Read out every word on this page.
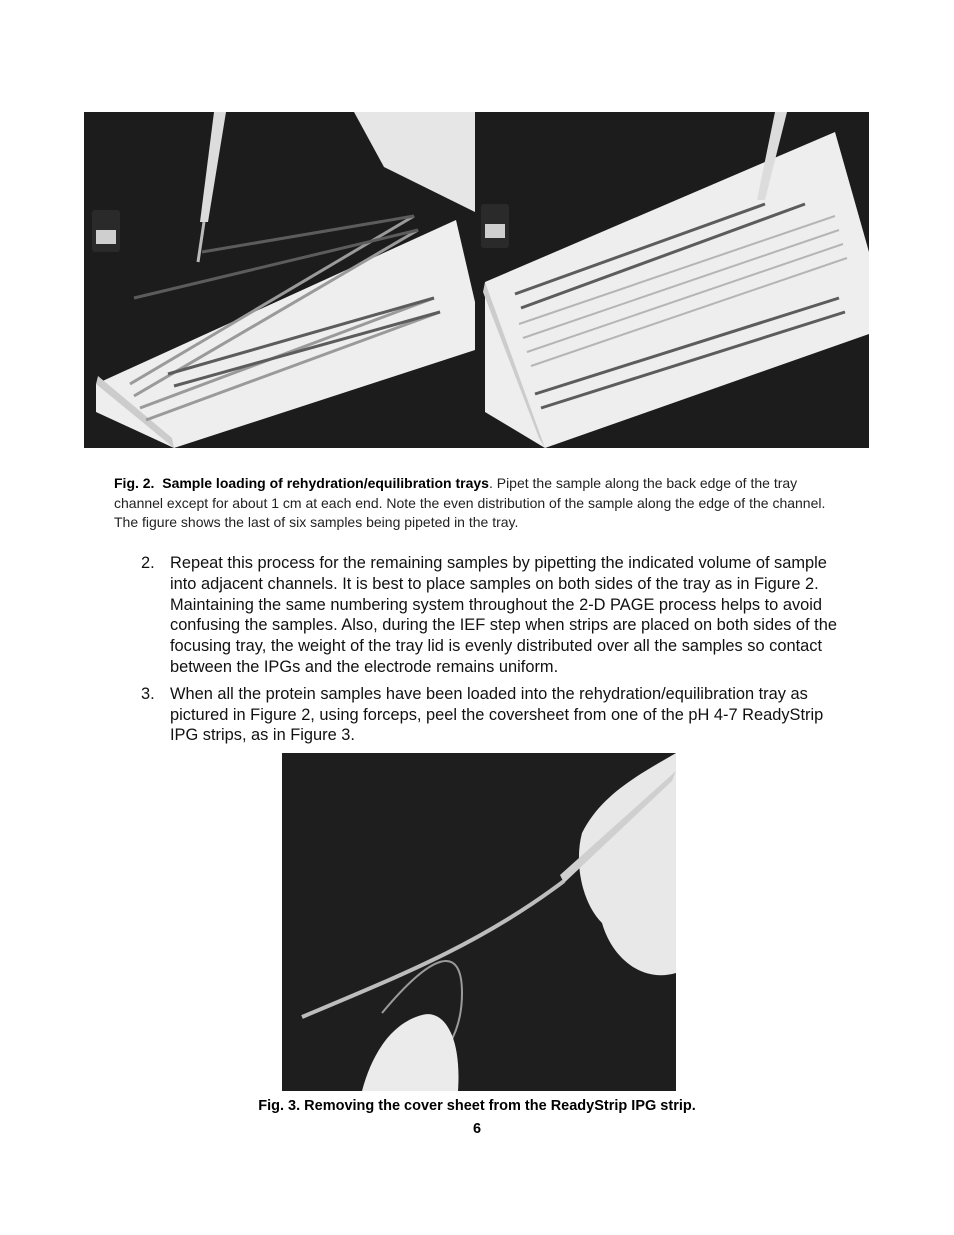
Fig. 2. Sample loading of rehydration/equilibration trays. Pipet the sample along the back edge of the tray channel except for about 1 cm at each end. Note the even distribution of the sample along the edge of the channel. The figure shows the last of six samples being pipeted in the tray.
2. Repeat this process for the remaining samples by pipetting the indicated volume of sample into adjacent channels. It is best to place samples on both sides of the tray as in Figure 2. Maintaining the same numbering system throughout the 2-D PAGE process helps to avoid confusing the samples. Also, during the IEF step when strips are placed on both sides of the focusing tray, the weight of the tray lid is evenly distributed over all the samples so contact between the IPGs and the electrode remains uniform.
3. When all the protein samples have been loaded into the rehydration/equilibration tray as pictured in Figure 2, using forceps, peel the coversheet from one of the pH 4-7 ReadyStrip IPG strips, as in Figure 3.
Fig. 3. Removing the cover sheet from the ReadyStrip IPG strip.
6
